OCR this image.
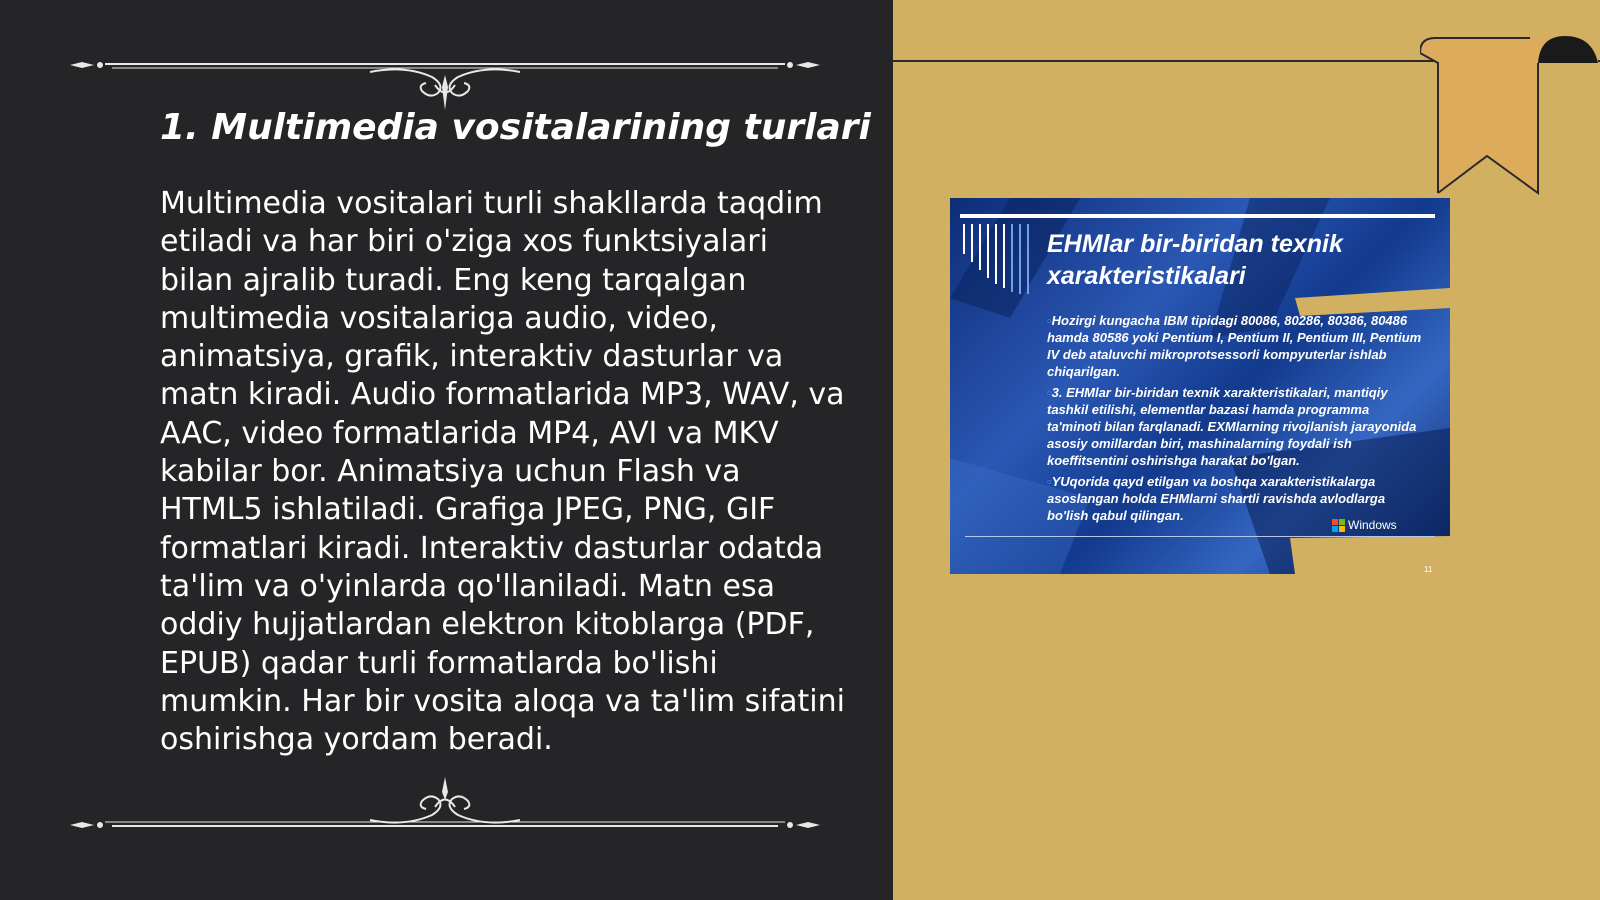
1. Multimedia vositalarining turlari

Multimedia vositalari turli shakllarda taqdim etiladi va har biri o'ziga xos funktsiyalari bilan ajralib turadi. Eng keng tarqalgan multimedia vositalariga audio, video, animatsiya, grafik, interaktiv dasturlar va matn kiradi. Audio formatlarida MP3, WAV, va AAC, video formatlarida MP4, AVI va MKV kabilar bor. Animatsiya uchun Flash va HTML5 ishlatiladi. Grafiga JPEG, PNG, GIF formatlari kiradi. Interaktiv dasturlar odatda ta'lim va o'yinlarda qo'llaniladi. Matn esa oddiy hujjatlardan elektron kitoblarga (PDF, EPUB) qadar turli formatlarda bo'lishi mumkin. Har bir vosita aloqa va ta'lim sifatini oshirishga yordam beradi.

EHMlar bir-biridan texnik xarakteristikalari

▫Hozirgi kungacha IBM tipidagi 80086, 80286, 80386, 80486 hamda 80586 yoki Pentium I, Pentium II, Pentium III, Pentium IV deb ataluvchi mikroprotsessorli kompyuterlar ishlab chiqarilgan.

▫3. EHMlar bir-biridan texnik xarakteristikalari, mantiqiy tashkil etilishi, elementlar bazasi hamda programma ta'minoti bilan farqlanadi. EXMlarning rivojlanish jarayonida asosiy omillardan biri, mashinalarning foydali ish koeffitsentini oshirishga harakat bo'lgan.

▫YUqorida qayd etilgan va boshqa xarakteristikalarga asoslangan holda EHMlarni shartli ravishda avlodlarga bo'lish qabul qilingan.

Windows
11
